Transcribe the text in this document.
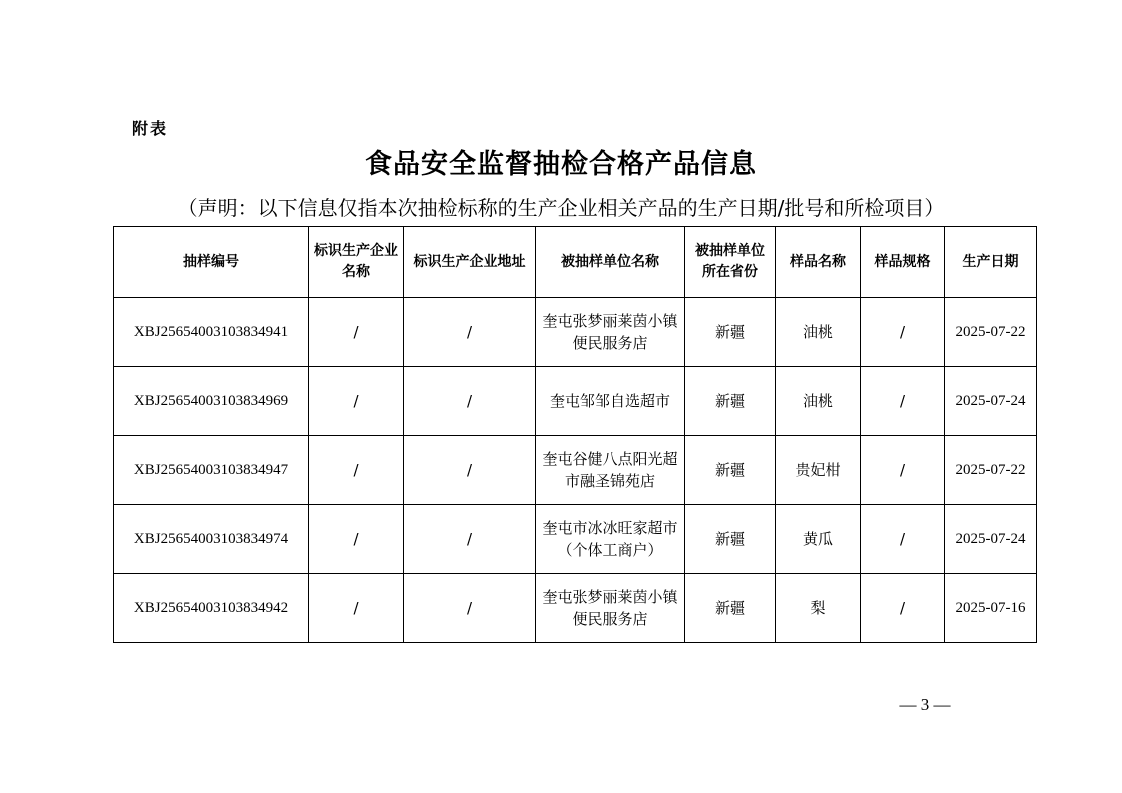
附表
食品安全监督抽检合格产品信息
（声明：以下信息仅指本次抽检标称的生产企业相关产品的生产日期/批号和所检项目）
抽样编号	标识生产企业名称	标识生产企业地址	被抽样单位名称	被抽样单位所在省份	样品名称	样品规格	生产日期
XBJ25654003103834941	/	/	奎屯张梦丽莱茵小镇便民服务店	新疆	油桃	/	2025-07-22
XBJ25654003103834969	/	/	奎屯邹邹自选超市	新疆	油桃	/	2025-07-24
XBJ25654003103834947	/	/	奎屯谷健八点阳光超市融圣锦苑店	新疆	贵妃柑	/	2025-07-22
XBJ25654003103834974	/	/	奎屯市冰冰旺家超市（个体工商户）	新疆	黄瓜	/	2025-07-24
XBJ25654003103834942	/	/	奎屯张梦丽莱茵小镇便民服务店	新疆	梨	/	2025-07-16
— 3 —
